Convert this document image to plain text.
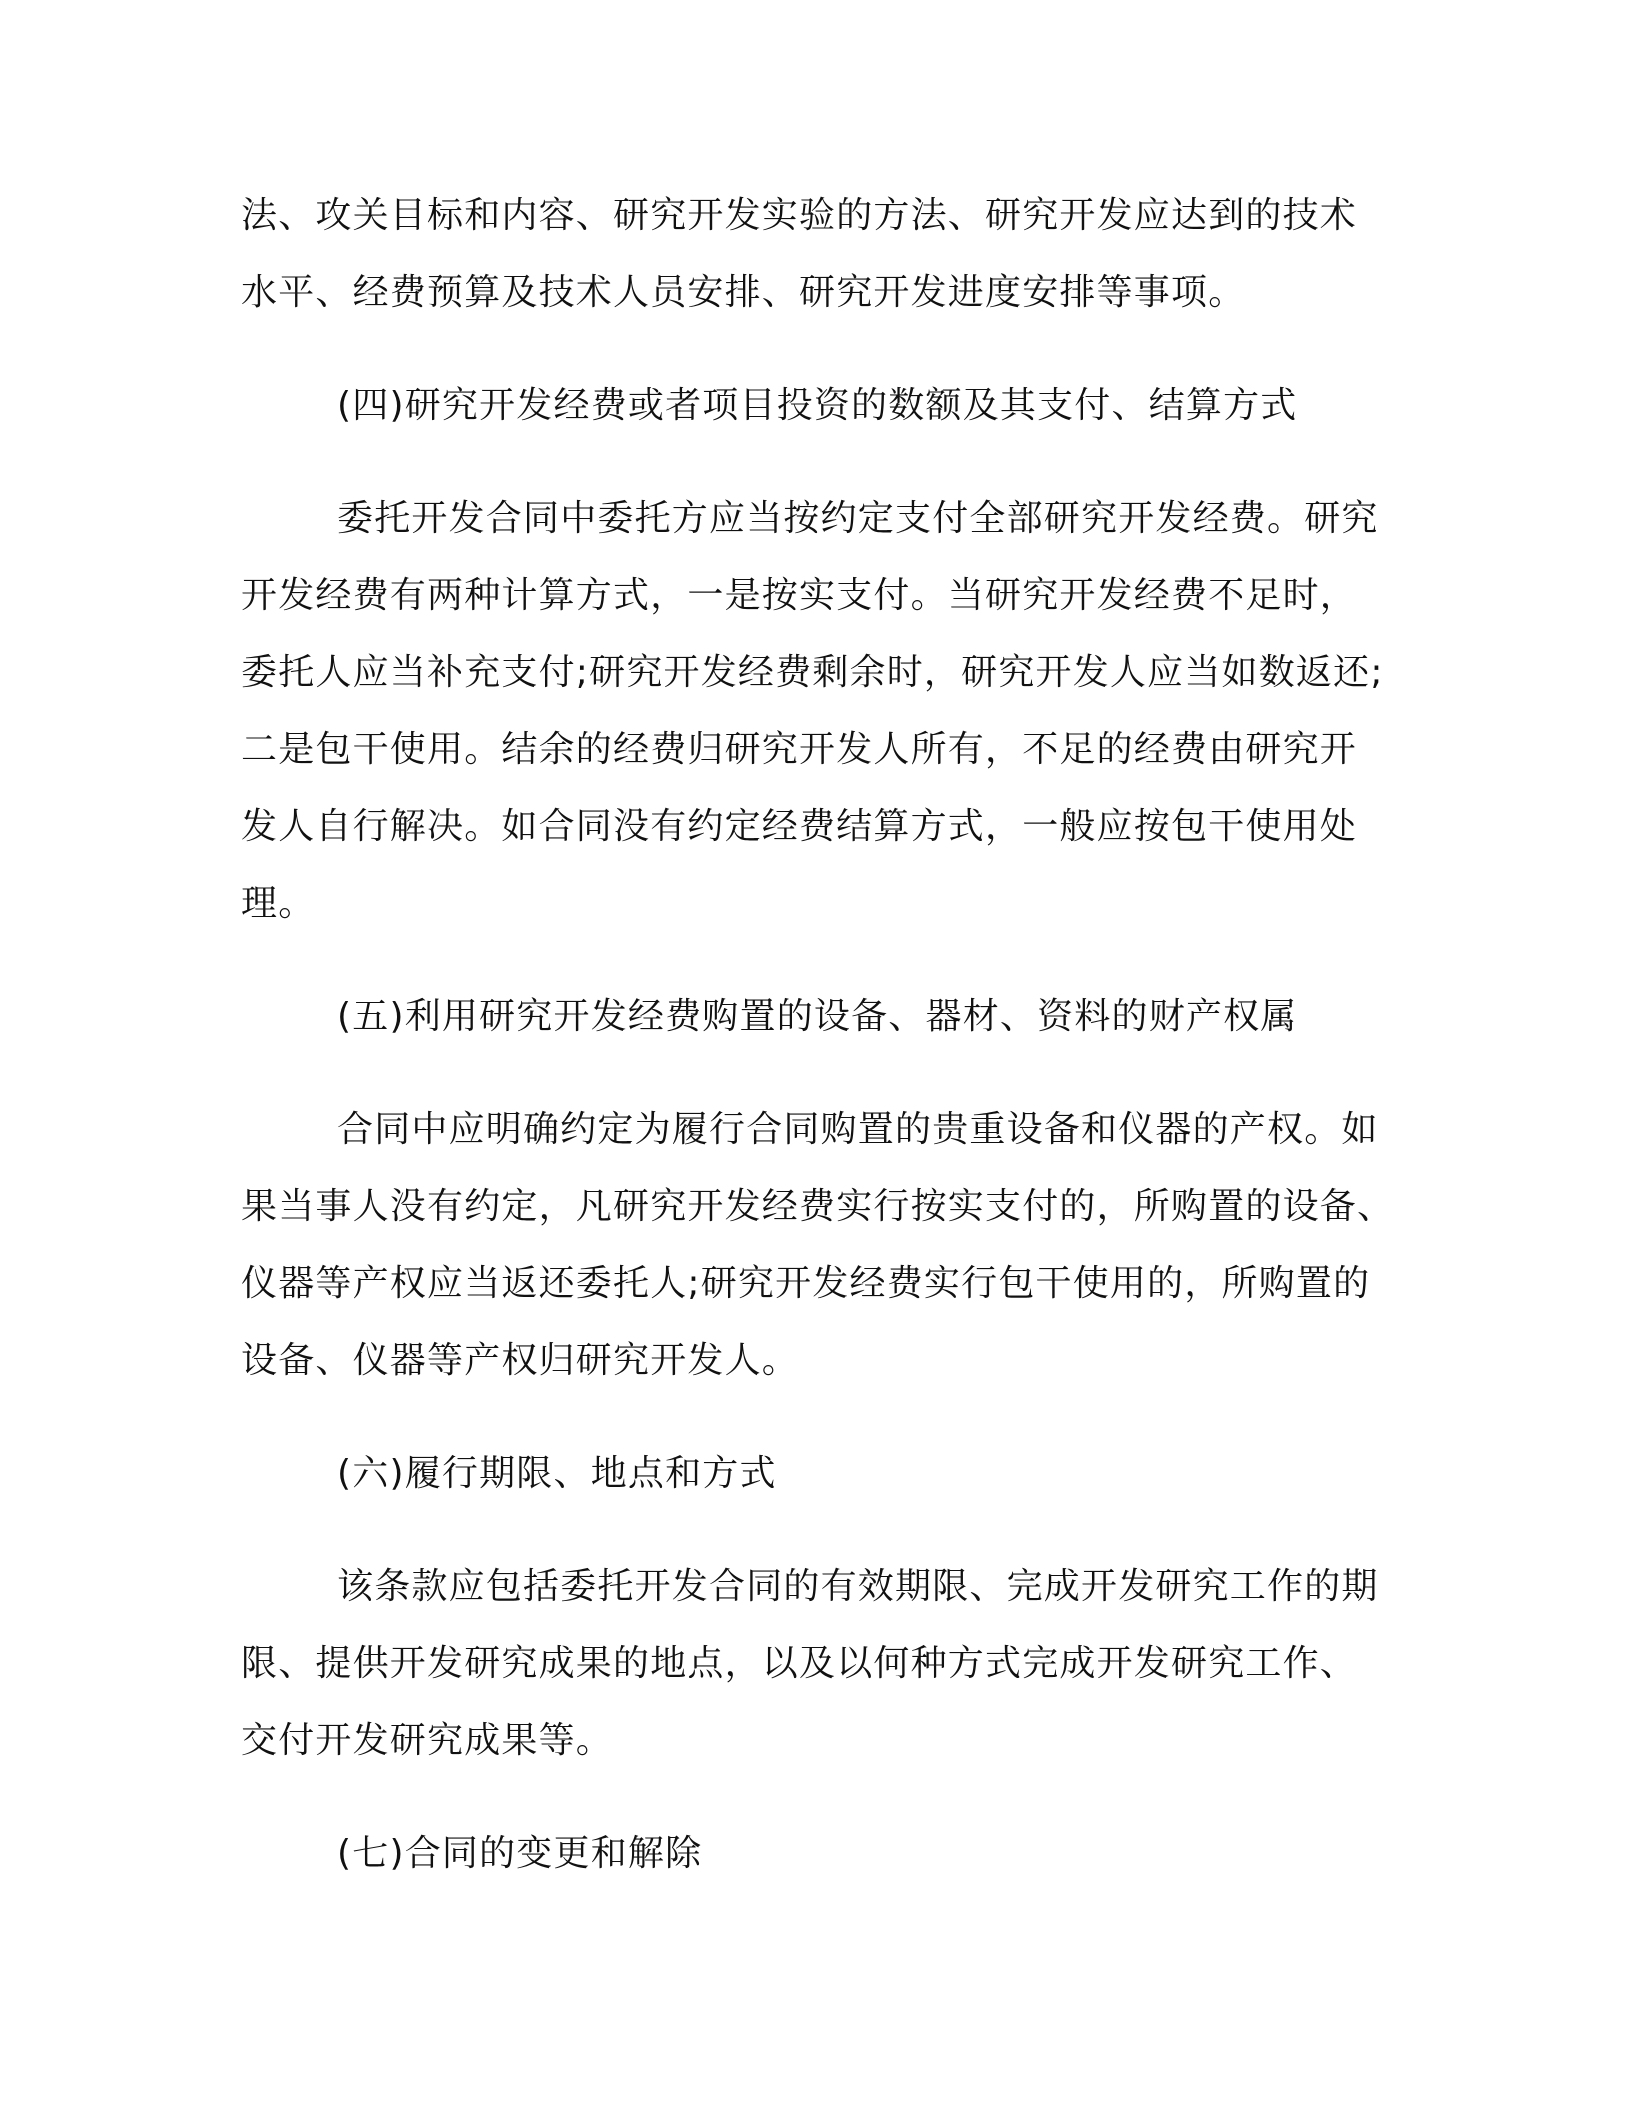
法、攻关目标和内容、研究开发实验的方法、研究开发应达到的技术
水平、经费预算及技术人员安排、研究开发进度安排等事项。
(四)研究开发经费或者项目投资的数额及其支付、结算方式
委托开发合同中委托方应当按约定支付全部研究开发经费。研究
开发经费有两种计算方式，一是按实支付。当研究开发经费不足时，
委托人应当补充支付;研究开发经费剩余时，研究开发人应当如数返还;
二是包干使用。结余的经费归研究开发人所有，不足的经费由研究开
发人自行解决。如合同没有约定经费结算方式，一般应按包干使用处
理。
(五)利用研究开发经费购置的设备、器材、资料的财产权属
合同中应明确约定为履行合同购置的贵重设备和仪器的产权。如
果当事人没有约定，凡研究开发经费实行按实支付的，所购置的设备、
仪器等产权应当返还委托人;研究开发经费实行包干使用的，所购置的
设备、仪器等产权归研究开发人。
(六)履行期限、地点和方式
该条款应包括委托开发合同的有效期限、完成开发研究工作的期
限、提供开发研究成果的地点，以及以何种方式完成开发研究工作、
交付开发研究成果等。
(七)合同的变更和解除
